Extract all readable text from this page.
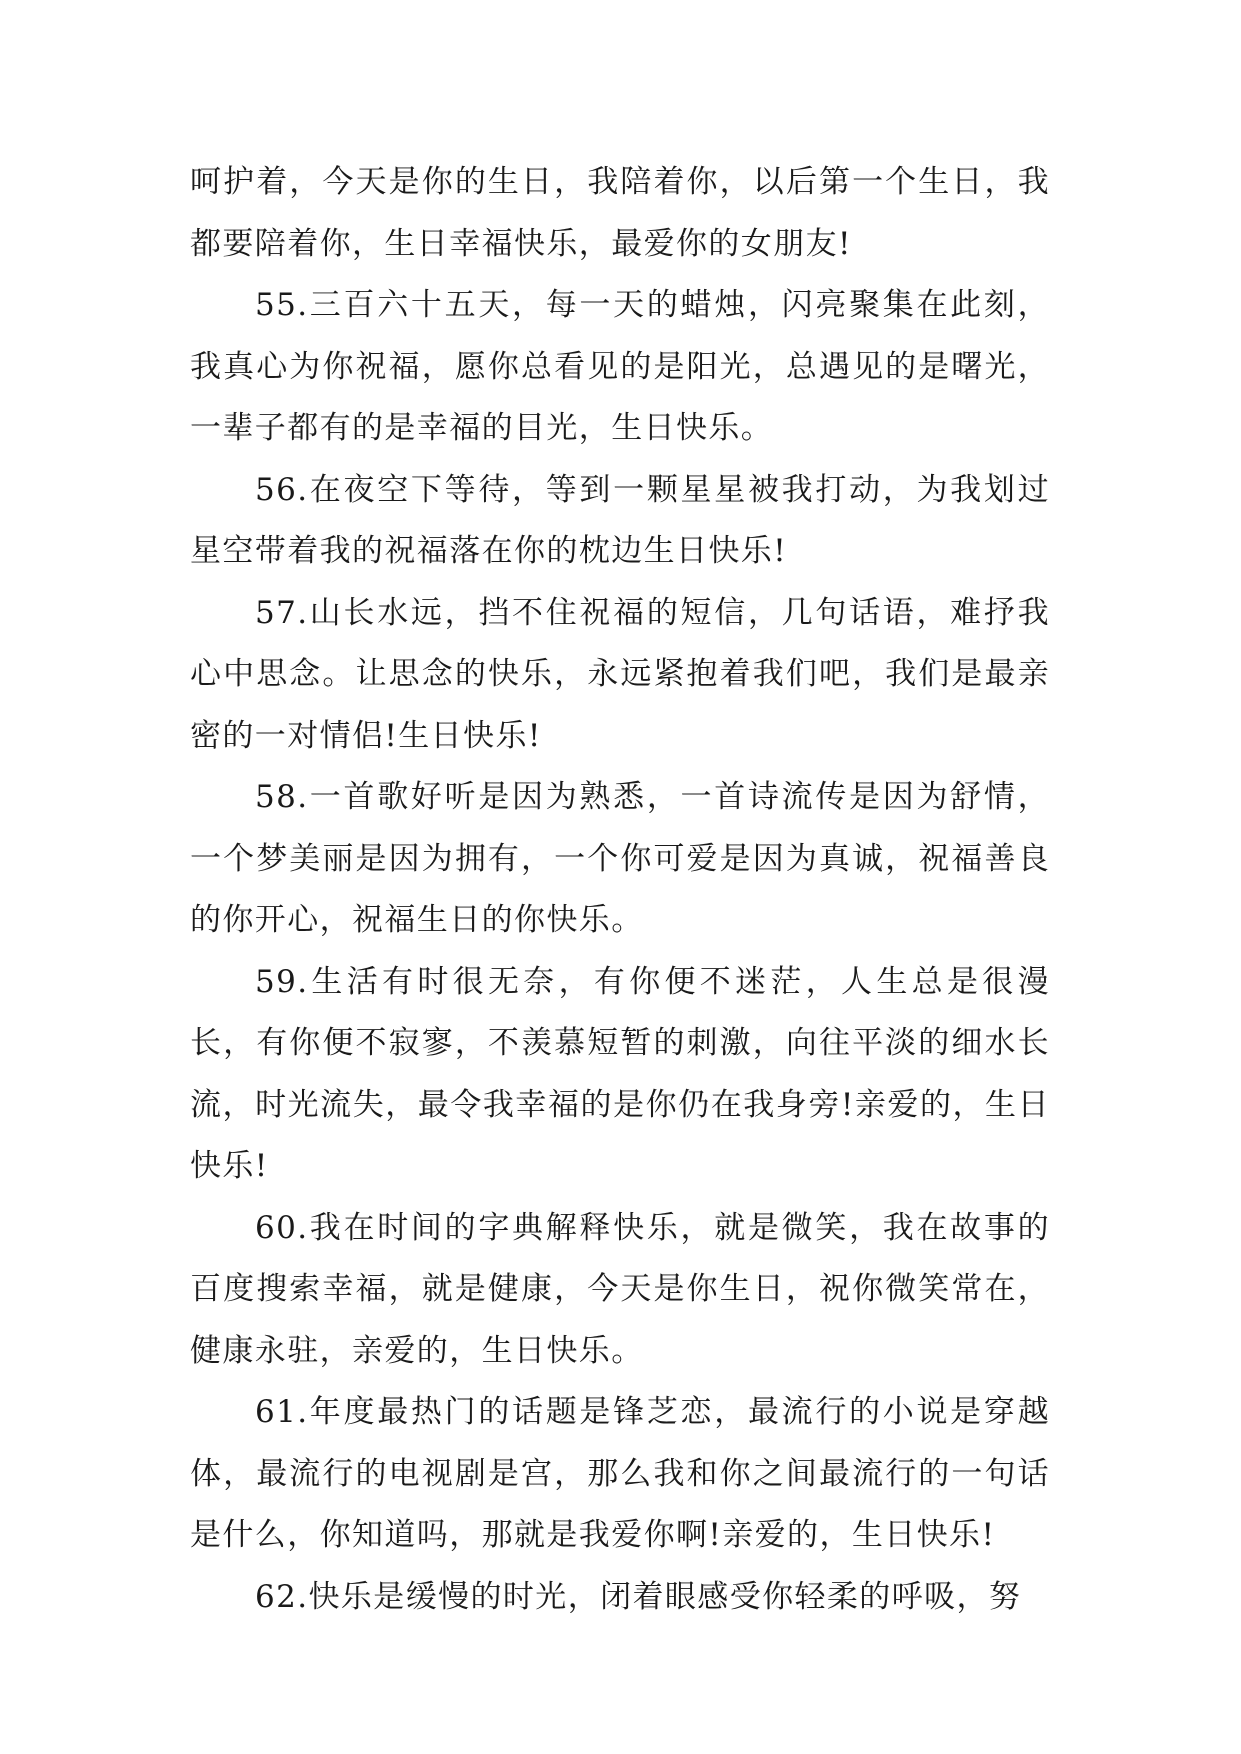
呵护着，今天是你的生日，我陪着你，以后第一个生日，我都要陪着你，生日幸福快乐，最爱你的女朋友!

55.三百六十五天，每一天的蜡烛，闪亮聚集在此刻，我真心为你祝福，愿你总看见的是阳光，总遇见的是曙光，一辈子都有的是幸福的目光，生日快乐。

56.在夜空下等待，等到一颗星星被我打动，为我划过星空带着我的祝福落在你的枕边生日快乐!

57.山长水远，挡不住祝福的短信，几句话语，难抒我心中思念。让思念的快乐，永远紧抱着我们吧，我们是最亲密的一对情侣!生日快乐!

58.一首歌好听是因为熟悉，一首诗流传是因为舒情，一个梦美丽是因为拥有，一个你可爱是因为真诚，祝福善良的你开心，祝福生日的你快乐。

59.生活有时很无奈，有你便不迷茫，人生总是很漫长，有你便不寂寥，不羡慕短暂的刺激，向往平淡的细水长流，时光流失，最令我幸福的是你仍在我身旁!亲爱的，生日快乐!

60.我在时间的字典解释快乐，就是微笑，我在故事的百度搜索幸福，就是健康，今天是你生日，祝你微笑常在，健康永驻，亲爱的，生日快乐。

61.年度最热门的话题是锋芝恋，最流行的小说是穿越体，最流行的电视剧是宫，那么我和你之间最流行的一句话是什么，你知道吗，那就是我爱你啊!亲爱的，生日快乐!

62.快乐是缓慢的时光，闭着眼感受你轻柔的呼吸，努
